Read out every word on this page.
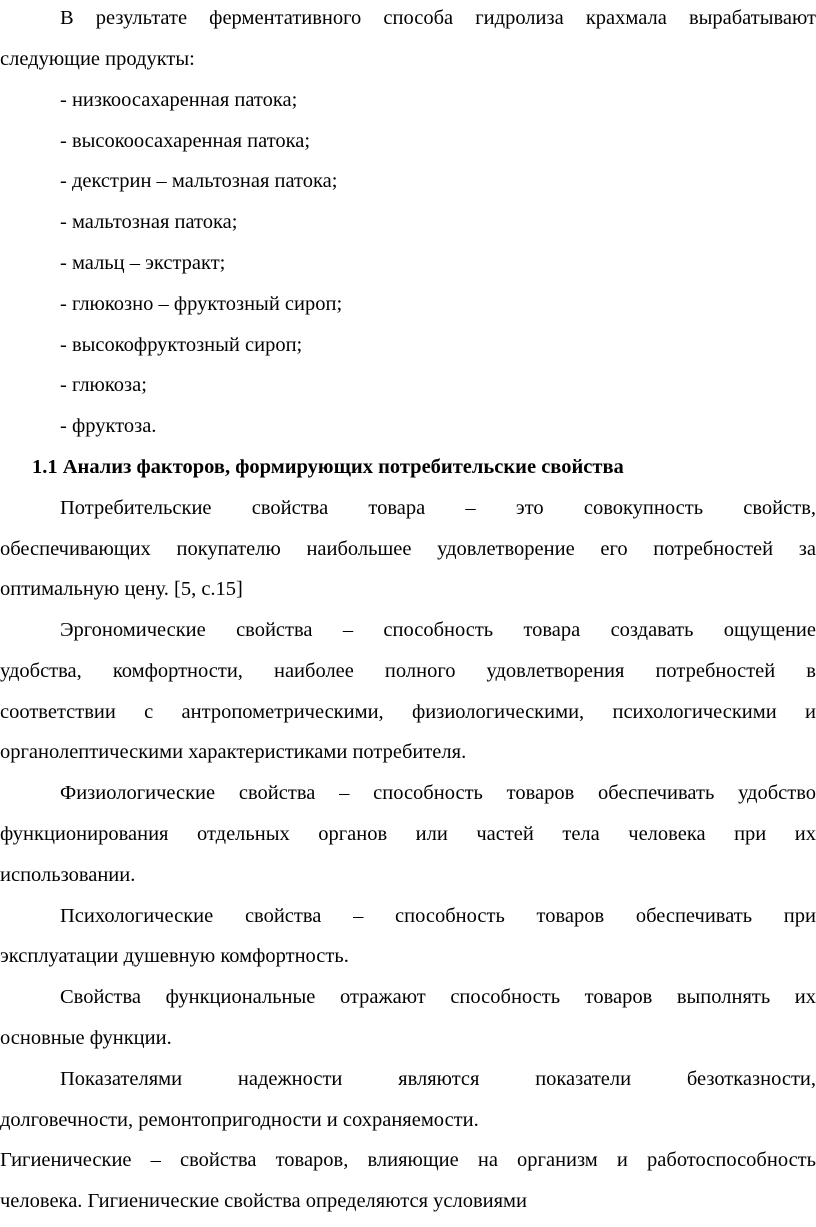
В результате ферментативного способа гидролиза крахмала вырабатывают
следующие продукты:
- низкоосахаренная патока;
- высокоосахаренная патока;
- декстрин – мальтозная патока;
- мальтозная патока;
- мальц – экстракт;
- глюкозно – фруктозный сироп;
- высокофруктозный сироп;
- глюкоза;
- фруктоза.
1.1 Анализ факторов, формирующих потребительские свойства
Потребительские свойства товара – это совокупность свойств,
обеспечивающих покупателю наибольшее удовлетворение его потребностей за
оптимальную цену. [5, с.15]
Эргономические свойства – способность товара создавать ощущение
удобства, комфортности, наиболее полного удовлетворения потребностей в
соответствии с антропометрическими, физиологическими, психологическими и
органолептическими характеристиками потребителя.
Физиологические свойства – способность товаров обеспечивать удобство
функционирования отдельных органов или частей тела человека при их
использовании.
Психологические свойства – способность товаров обеспечивать при
эксплуатации душевную комфортность.
Свойства функциональные отражают способность товаров выполнять их
основные функции.
Показателями надежности являются показатели безотказности,
долговечности, ремонтопригодности и сохраняемости.
Гигиенические – свойства товаров, влияющие на организм и работоспособность
человека. Гигиенические свойства определяются условиями
